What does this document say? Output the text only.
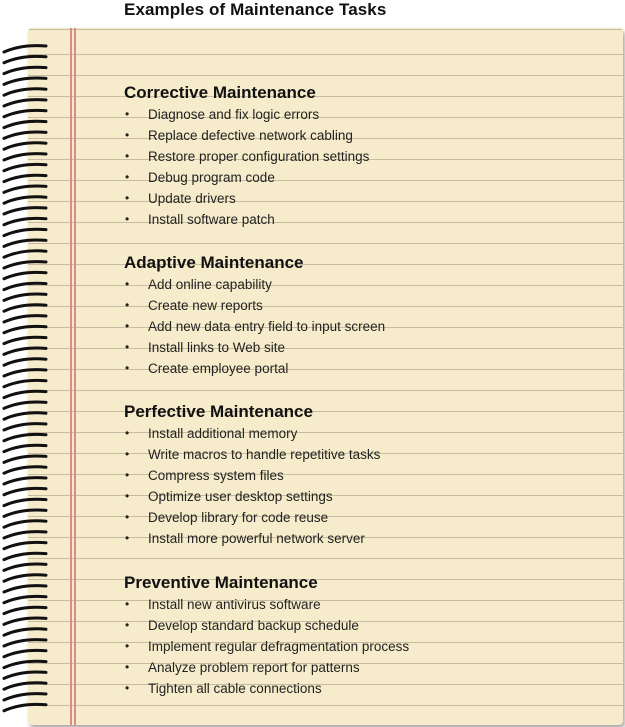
Examples of Maintenance Tasks
Corrective Maintenance
• Diagnose and fix logic errors
• Replace defective network cabling
• Restore proper configuration settings
• Debug program code
• Update drivers
• Install software patch
Adaptive Maintenance
• Add online capability
• Create new reports
• Add new data entry field to input screen
• Install links to Web site
• Create employee portal
Perfective Maintenance
• Install additional memory
• Write macros to handle repetitive tasks
• Compress system files
• Optimize user desktop settings
• Develop library for code reuse
• Install more powerful network server
Preventive Maintenance
• Install new antivirus software
• Develop standard backup schedule
• Implement regular defragmentation process
• Analyze problem report for patterns
• Tighten all cable connections
